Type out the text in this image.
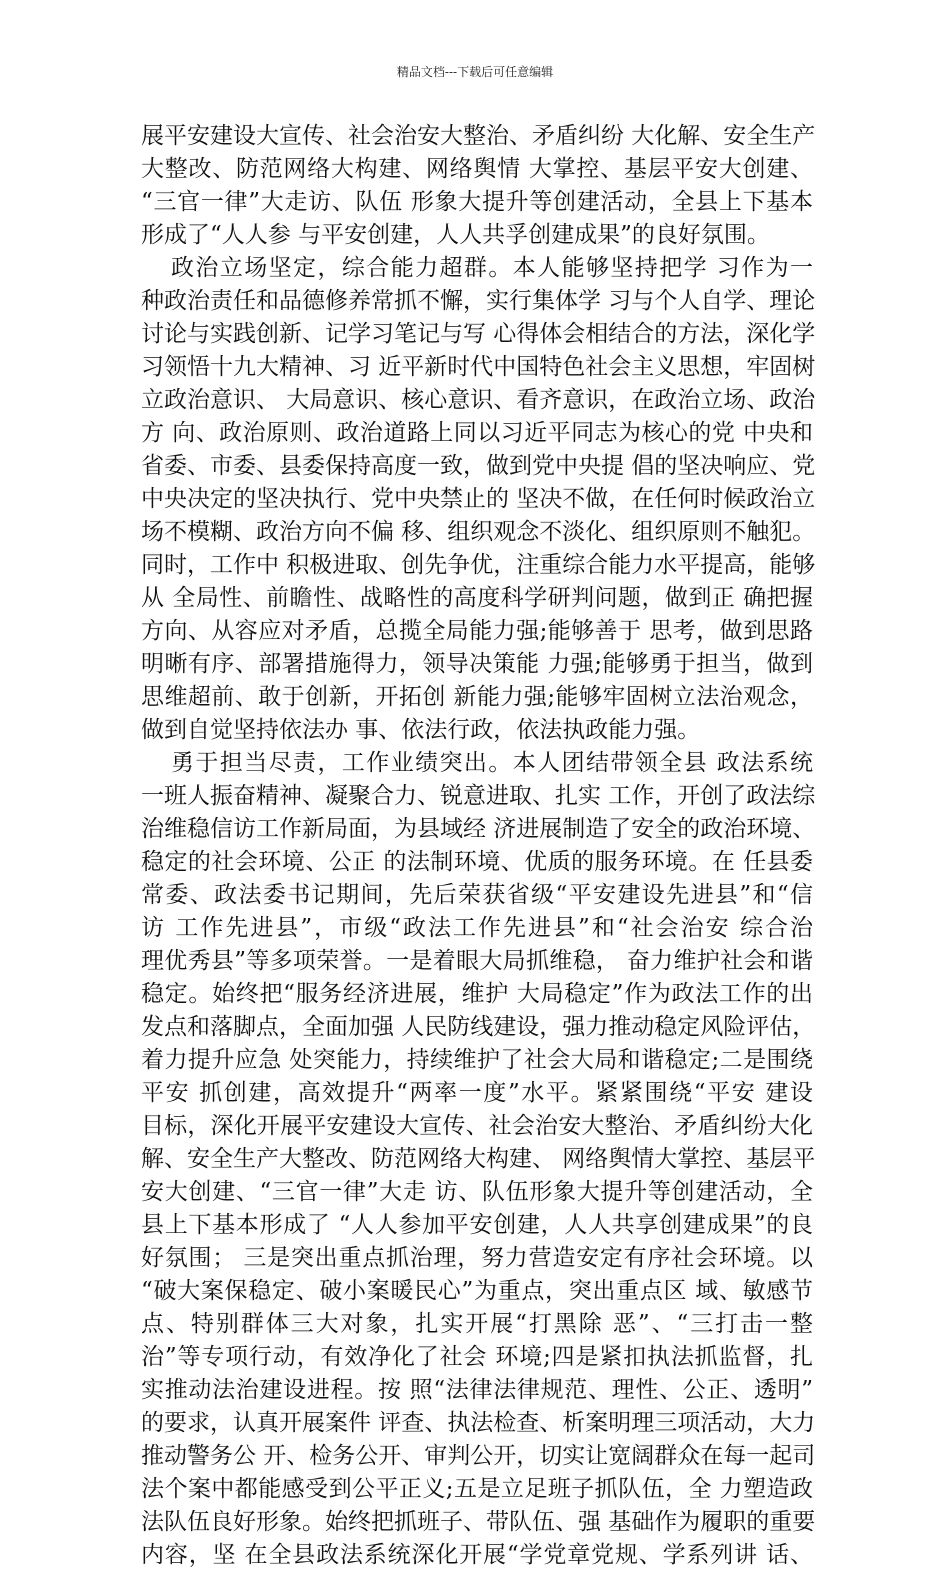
精品文档---下载后可任意编辑
展平安建设大宣传、社会治安大整治、矛盾纠纷 大化解、安全生产
大整改、防范网络大构建、网络舆情 大掌控、基层平安大创建、
“三官一律”大走访、队伍 形象大提升等创建活动，全县上下基本
形成了“人人参 与平安创建，人人共孚创建成果”的良好氛围。
政治立场坚定，综合能力超群。本人能够坚持把学 习作为一
种政治责任和品德修养常抓不懈，实行集体学 习与个人自学、理论
讨论与实践创新、记学习笔记与写 心得体会相结合的方法，深化学
习领悟十九大精神、习 近平新时代中国特色社会主义思想，牢固树
立政治意识、 大局意识、核心意识、看齐意识，在政治立场、政治
方 向、政治原则、政治道路上同以习近平同志为核心的党 中央和
省委、市委、县委保持高度一致，做到党中央提 倡的坚决响应、党
中央决定的坚决执行、党中央禁止的 坚决不做，在任何时候政治立
场不模糊、政治方向不偏 移、组织观念不淡化、组织原则不触犯。
同时，工作中 积极进取、创先争优，注重综合能力水平提高，能够
从 全局性、前瞻性、战略性的高度科学研判问题，做到正 确把握
方向、从容应对矛盾，总揽全局能力强;能够善于 思考，做到思路
明晰有序、部署措施得力，领导决策能 力强;能够勇于担当，做到
思维超前、敢于创新，开拓创 新能力强;能够牢固树立法治观念，
做到自觉坚持依法办 事、依法行政，依法执政能力强。
勇于担当尽责，工作业绩突出。本人团结带领全县 政法系统
一班人振奋精神、凝聚合力、锐意进取、扎实 工作，开创了政法综
治维稳信访工作新局面，为县域经 济进展制造了安全的政治环境、
稳定的社会环境、公正 的法制环境、优质的服务环境。在 任县委
常委、政法委书记期间，先后荣获省级“平安建设先进县”和“信
访 工作先进县”，市级“政法工作先进县”和“社会治安 综合治
理优秀县”等多项荣誉。一是着眼大局抓维稳， 奋力维护社会和谐
稳定。始终把“服务经济进展，维护 大局稳定”作为政法工作的出
发点和落脚点，全面加强 人民防线建设，强力推动稳定风险评估，
着力提升应急 处突能力，持续维护了社会大局和谐稳定;二是围绕
平安 抓创建，高效提升“两率一度”水平。紧紧围绕“平安 建设
目标，深化开展平安建设大宣传、社会治安大整治、矛盾纠纷大化
解、安全生产大整改、防范网络大构建、 网络舆情大掌控、基层平
安大创建、“三官一律”大走 访、队伍形象大提升等创建活动，全
县上下基本形成了 “人人参加平安创建，人人共享创建成果”的良
好氛围； 三是突出重点抓治理，努力营造安定有序社会环境。以
“破大案保稳定、破小案暖民心”为重点，突出重点区 域、敏感节
点、特别群体三大对象，扎实开展“打黑除 恶”、“三打击一整
治”等专项行动，有效净化了社会 环境;四是紧扣执法抓监督，扎
实推动法治建设进程。按 照“法律法律规范、理性、公正、透明”
的要求，认真开展案件 评查、执法检查、析案明理三项活动，大力
推动警务公 开、检务公开、审判公开，切实让宽阔群众在每一起司
法个案中都能感受到公平正义;五是立足班子抓队伍，全 力塑造政
法队伍良好形象。始终把抓班子、带队伍、强 基础作为履职的重要
内容，坚 在全县政法系统深化开展“学党章党规、学系列讲 话、
